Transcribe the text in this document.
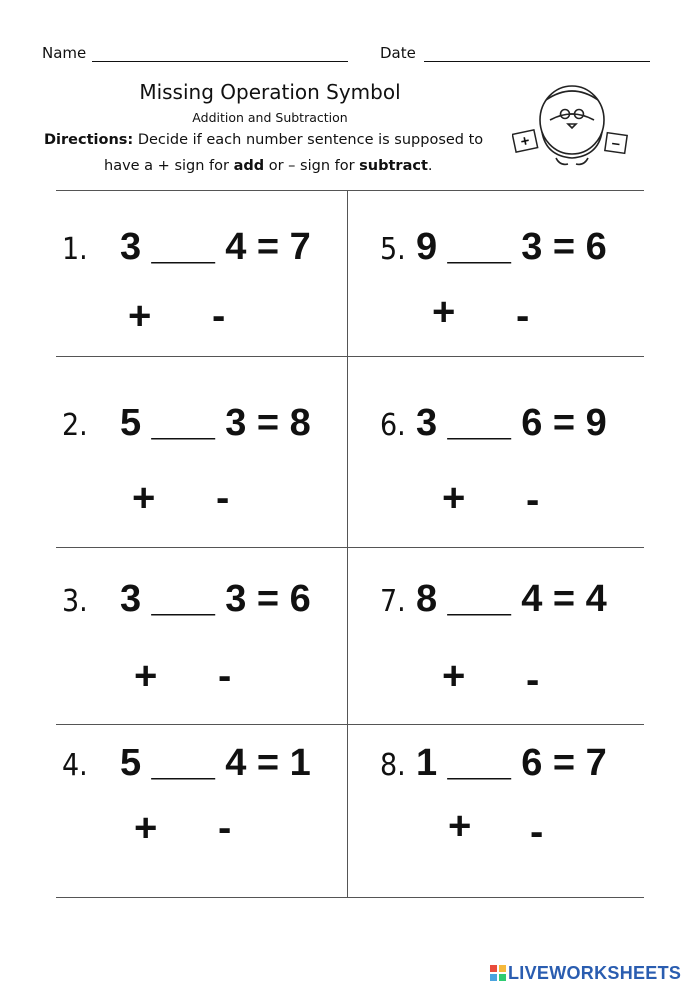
Name	Date
Missing Operation Symbol
Addition and Subtraction
Directions: Decide if each number sentence is supposed to
have a + sign for add or – sign for subtract.
+	–
1. 3 ___ 4 = 7
+ -
2. 5 ___ 3 = 8
+ -
3. 3 ___ 3 = 6
+ -
4. 5 ___ 4 = 1
+ -
5. 9 ___ 3 = 6
+ -
6. 3 ___ 6 = 9
+ -
7. 8 ___ 4 = 4
+ -
8. 1 ___ 6 = 7
+ -
LIVEWORKSHEETS
